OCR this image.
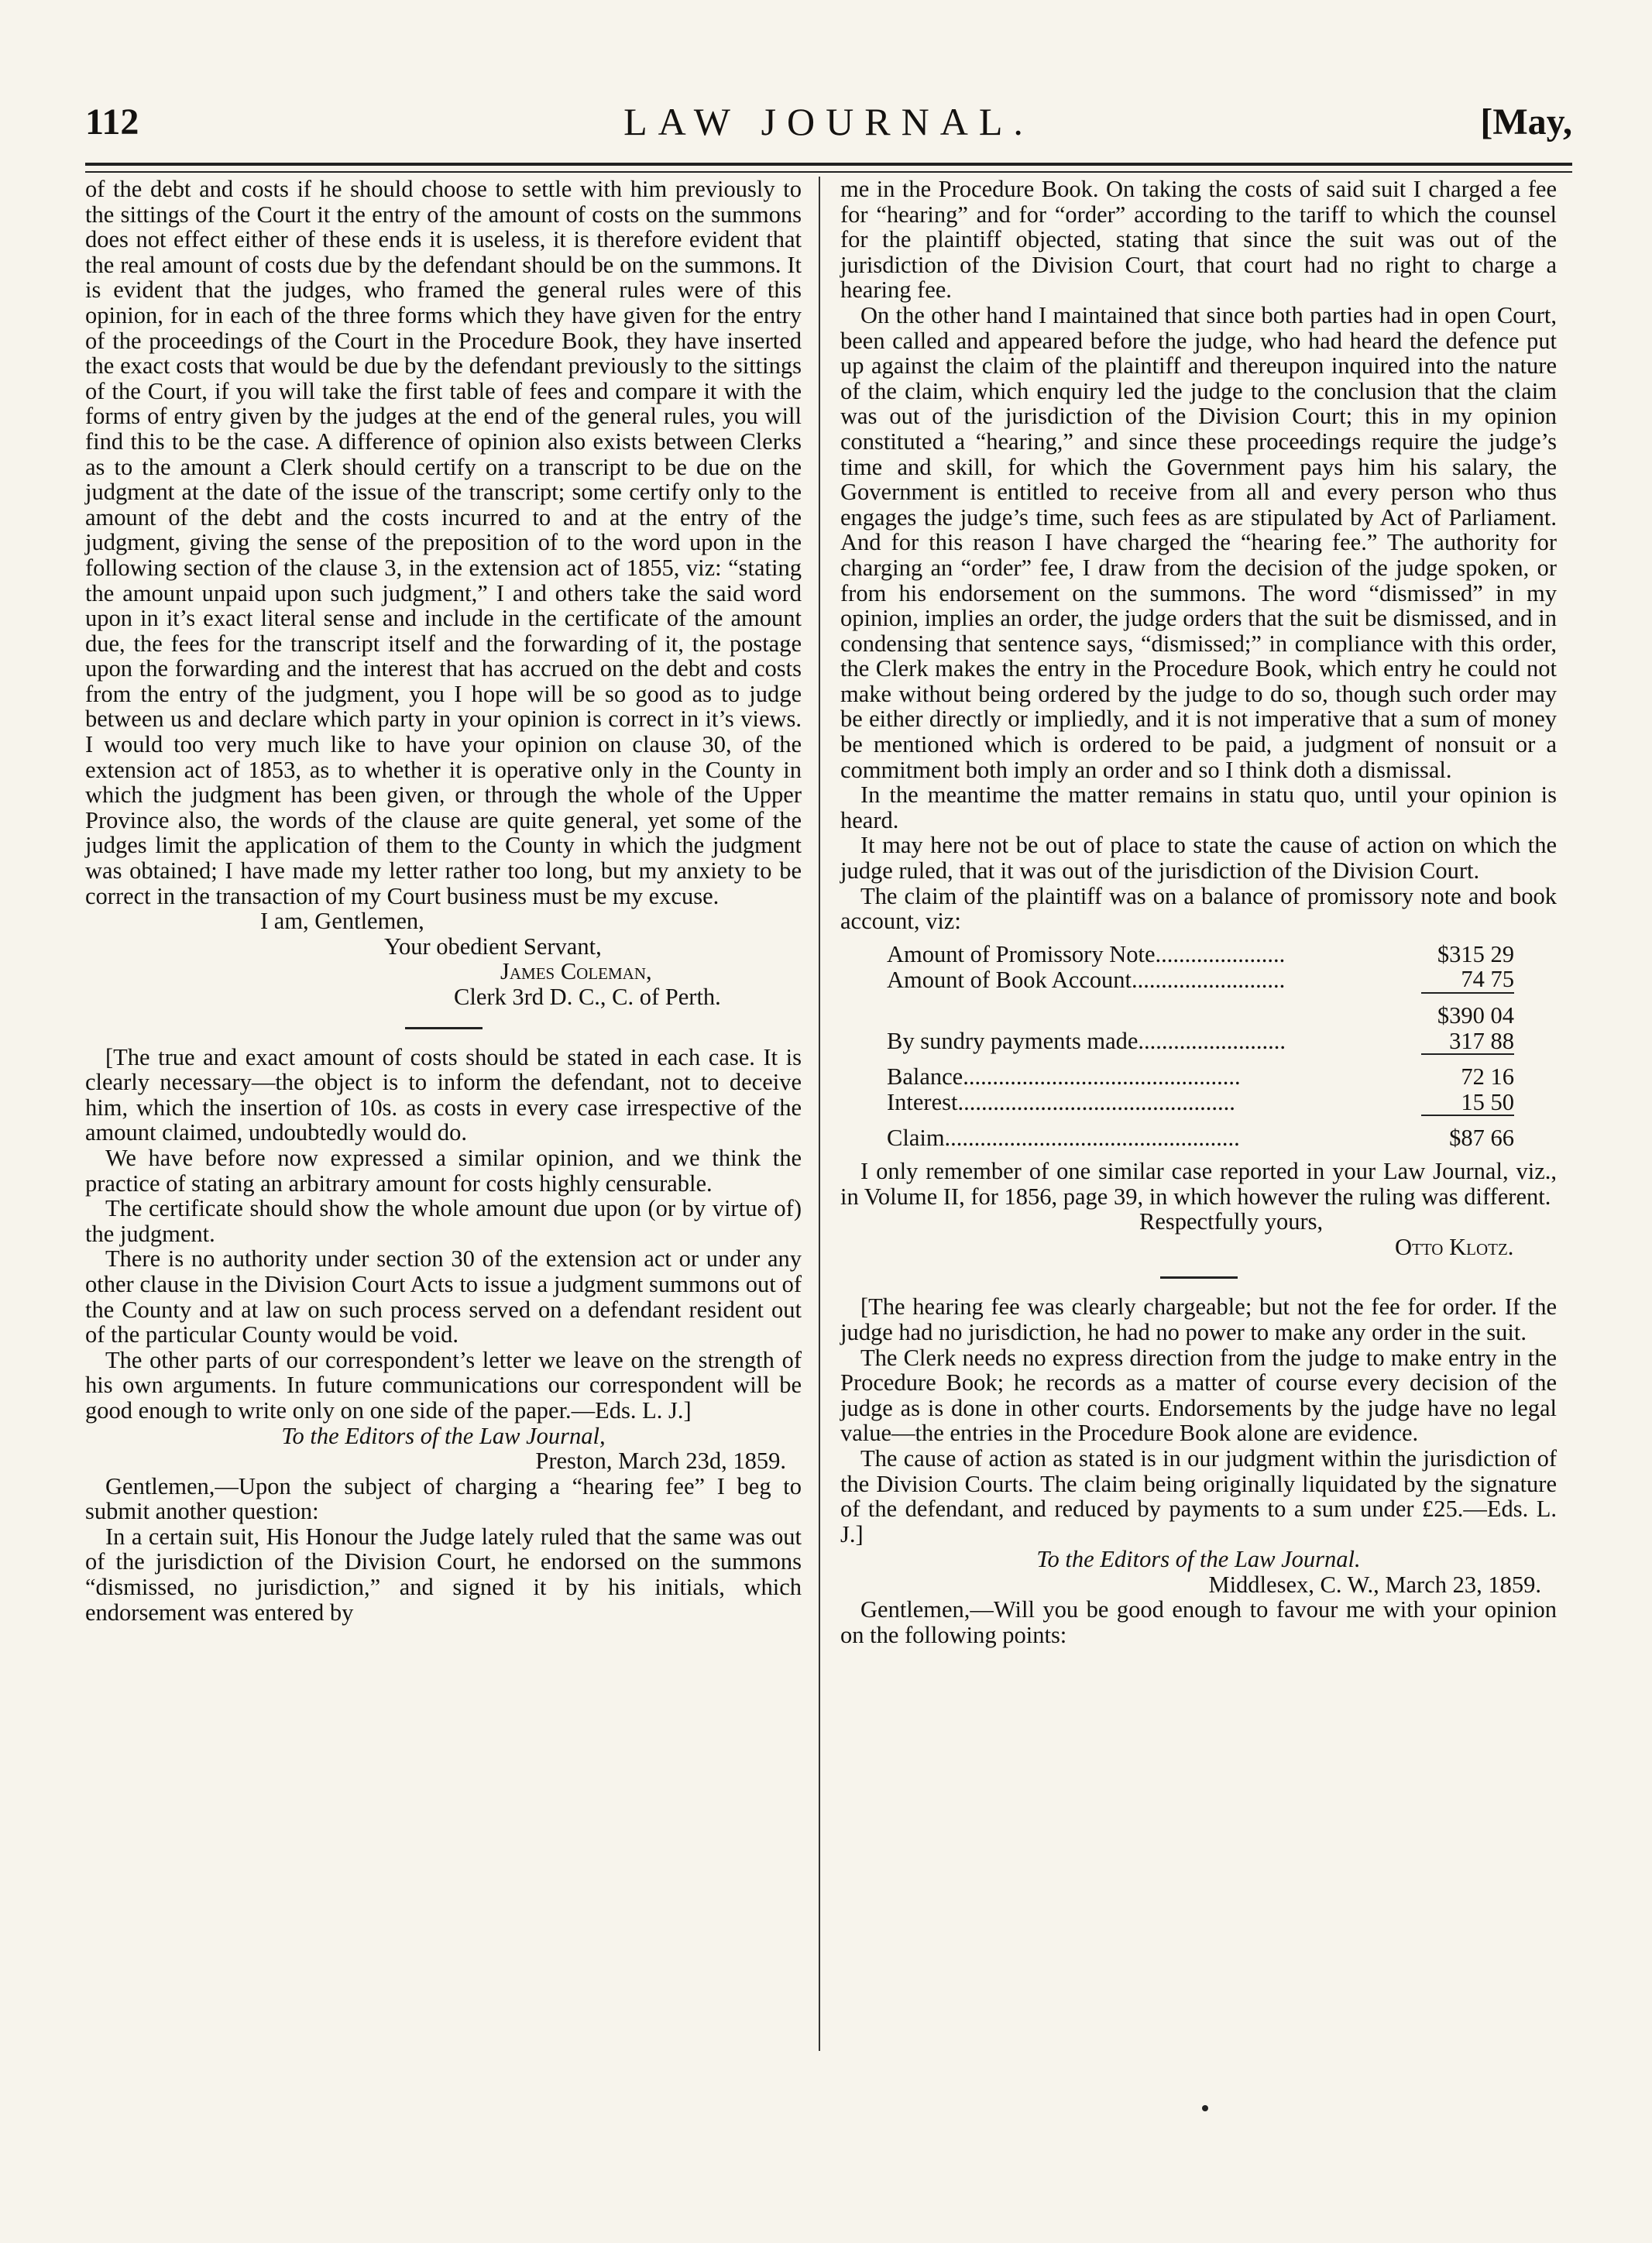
112	LAW JOURNAL.	[May,

of the debt and costs if he should choose to settle with him previously to the sittings of the Court it the entry of the amount of costs on the summons does not effect either of these ends it is useless, it is therefore evident that the real amount of costs due by the defendant should be on the summons. It is evident that the judges, who framed the general rules were of this opinion, for in each of the three forms which they have given for the entry of the proceedings of the Court in the Procedure Book, they have inserted the exact costs that would be due by the defendant previously to the sittings of the Court, if you will take the first table of fees and compare it with the forms of entry given by the judges at the end of the general rules, you will find this to be the case. A difference of opinion also exists between Clerks as to the amount a Clerk should certify on a transcript to be due on the judgment at the date of the issue of the transcript; some certify only to the amount of the debt and the costs incurred to and at the entry of the judgment, giving the sense of the preposition of to the word upon in the following section of the clause 3, in the extension act of 1855, viz: “stating the amount unpaid upon such judgment,” I and others take the said word upon in it’s exact literal sense and include in the certificate of the amount due, the fees for the transcript itself and the forwarding of it, the postage upon the forwarding and the interest that has accrued on the debt and costs from the entry of the judgment, you I hope will be so good as to judge between us and declare which party in your opinion is correct in it’s views. I would too very much like to have your opinion on clause 30, of the extension act of 1853, as to whether it is operative only in the County in which the judgment has been given, or through the whole of the Upper Province also, the words of the clause are quite general, yet some of the judges limit the application of them to the County in which the judgment was obtained; I have made my letter rather too long, but my anxiety to be correct in the transaction of my Court business must be my excuse.

I am, Gentlemen,

Your obedient Servant,

James Coleman,

Clerk 3rd D. C., C. of Perth.

[The true and exact amount of costs should be stated in each case. It is clearly necessary—the object is to inform the defendant, not to deceive him, which the insertion of 10s. as costs in every case irrespective of the amount claimed, undoubtedly would do.

We have before now expressed a similar opinion, and we think the practice of stating an arbitrary amount for costs highly censurable.

The certificate should show the whole amount due upon (or by virtue of) the judgment.

There is no authority under section 30 of the extension act or under any other clause in the Division Court Acts to issue a judgment summons out of the County and at law on such process served on a defendant resident out of the particular County would be void.

The other parts of our correspondent’s letter we leave on the strength of his own arguments. In future communications our correspondent will be good enough to write only on one side of the paper.—Eds. L. J.]

To the Editors of the Law Journal,

Preston, March 23d, 1859.

Gentlemen,—Upon the subject of charging a “hearing fee” I beg to submit another question:

In a certain suit, His Honour the Judge lately ruled that the same was out of the jurisdiction of the Division Court, he endorsed on the summons “dismissed, no jurisdiction,” and signed it by his initials, which endorsement was entered by

me in the Procedure Book. On taking the costs of said suit I charged a fee for “hearing” and for “order” according to the tariff to which the counsel for the plaintiff objected, stating that since the suit was out of the jurisdiction of the Division Court, that court had no right to charge a hearing fee.

On the other hand I maintained that since both parties had in open Court, been called and appeared before the judge, who had heard the defence put up against the claim of the plaintiff and thereupon inquired into the nature of the claim, which enquiry led the judge to the conclusion that the claim was out of the jurisdiction of the Division Court; this in my opinion constituted a “hearing,” and since these proceedings require the judge’s time and skill, for which the Government pays him his salary, the Government is entitled to receive from all and every person who thus engages the judge’s time, such fees as are stipulated by Act of Parliament. And for this reason I have charged the “hearing fee.” The authority for charging an “order” fee, I draw from the decision of the judge spoken, or from his endorsement on the summons. The word “dismissed” in my opinion, implies an order, the judge orders that the suit be dismissed, and in condensing that sentence says, “dismissed;” in compliance with this order, the Clerk makes the entry in the Procedure Book, which entry he could not make without being ordered by the judge to do so, though such order may be either directly or impliedly, and it is not imperative that a sum of money be mentioned which is ordered to be paid, a judgment of nonsuit or a commitment both imply an order and so I think doth a dismissal.

In the meantime the matter remains in statu quo, until your opinion is heard.

It may here not be out of place to state the cause of action on which the judge ruled, that it was out of the jurisdiction of the Division Court.

The claim of the plaintiff was on a balance of promissory note and book account, viz:

Amount of Promissory Note......................	$315 29
Amount of Book Account..........................	74 75

	$390 04
By sundry payments made.........................	317 88

Balance...............................................	72 16
Interest...............................................	15 50

Claim..................................................	$87 66

I only remember of one similar case reported in your Law Journal, viz., in Volume II, for 1856, page 39, in which however the ruling was different.

Respectfully yours,

Otto Klotz.

[The hearing fee was clearly chargeable; but not the fee for order. If the judge had no jurisdiction, he had no power to make any order in the suit.

The Clerk needs no express direction from the judge to make entry in the Procedure Book; he records as a matter of course every decision of the judge as is done in other courts. Endorsements by the judge have no legal value—the entries in the Procedure Book alone are evidence.

The cause of action as stated is in our judgment within the jurisdiction of the Division Courts. The claim being originally liquidated by the signature of the defendant, and reduced by payments to a sum under £25.—Eds. L. J.]

To the Editors of the Law Journal.

Middlesex, C. W., March 23, 1859.

Gentlemen,—Will you be good enough to favour me with your opinion on the following points:
